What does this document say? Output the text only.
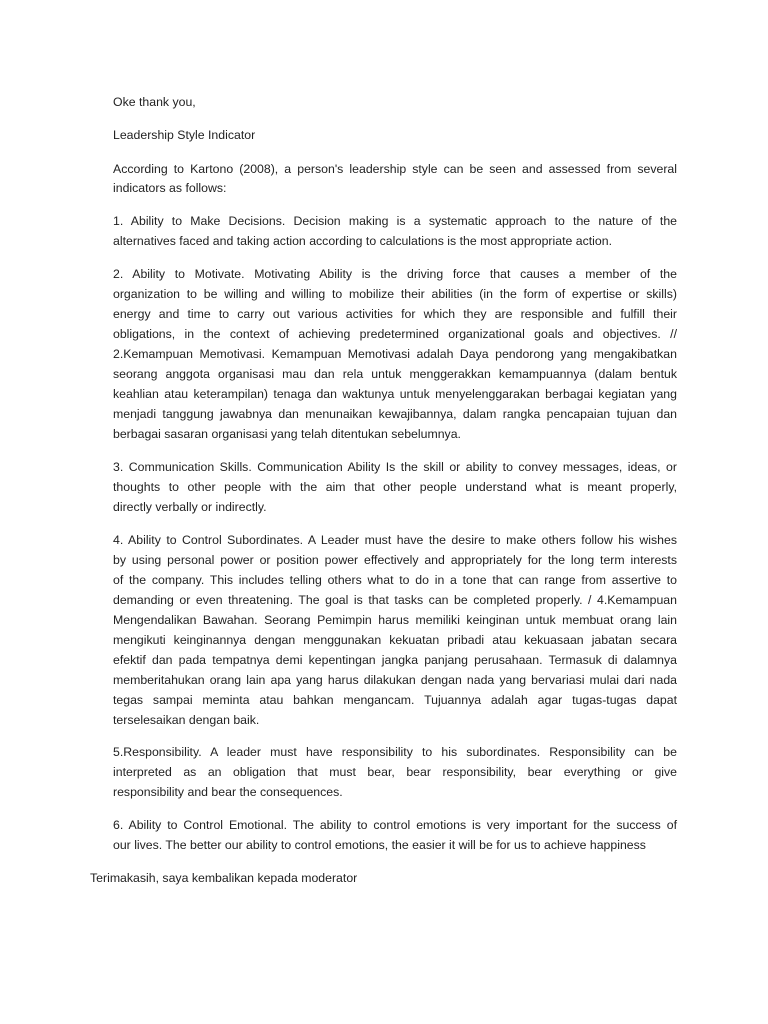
Oke thank you,
Leadership Style Indicator
According to Kartono (2008), a person's leadership style can be seen and assessed from several
indicators as follows:
1. Ability to Make Decisions. Decision making is a systematic approach to the nature of the
alternatives faced and taking action according to calculations is the most appropriate action.
2. Ability to Motivate. Motivating Ability is the driving force that causes a member of the
organization to be willing and willing to mobilize their abilities (in the form of expertise or skills)
energy and time to carry out various activities for which they are responsible and fulfill their
obligations, in the context of achieving predetermined organizational goals and objectives. //
2.Kemampuan Memotivasi. Kemampuan Memotivasi adalah Daya pendorong yang mengakibatkan
seorang anggota organisasi mau dan rela untuk menggerakkan kemampuannya (dalam bentuk
keahlian atau keterampilan) tenaga dan waktunya untuk menyelenggarakan berbagai kegiatan yang
menjadi tanggung jawabnya dan menunaikan kewajibannya, dalam rangka pencapaian tujuan dan
berbagai sasaran organisasi yang telah ditentukan sebelumnya.
3. Communication Skills. Communication Ability Is the skill or ability to convey messages, ideas, or
thoughts to other people with the aim that other people understand what is meant properly,
directly verbally or indirectly.
4. Ability to Control Subordinates. A Leader must have the desire to make others follow his wishes
by using personal power or position power effectively and appropriately for the long term interests
of the company. This includes telling others what to do in a tone that can range from assertive to
demanding or even threatening. The goal is that tasks can be completed properly. / 4.Kemampuan
Mengendalikan Bawahan. Seorang Pemimpin harus memiliki keinginan untuk membuat orang lain
mengikuti keinginannya dengan menggunakan kekuatan pribadi atau kekuasaan jabatan secara
efektif dan pada tempatnya demi kepentingan jangka panjang perusahaan. Termasuk di dalamnya
memberitahukan orang lain apa yang harus dilakukan dengan nada yang bervariasi mulai dari nada
tegas sampai meminta atau bahkan mengancam. Tujuannya adalah agar tugas-tugas dapat
terselesaikan dengan baik.
5.Responsibility. A leader must have responsibility to his subordinates. Responsibility can be
interpreted as an obligation that must bear, bear responsibility, bear everything or give
responsibility and bear the consequences.
6. Ability to Control Emotional. The ability to control emotions is very important for the success of
our lives. The better our ability to control emotions, the easier it will be for us to achieve happiness
Terimakasih, saya kembalikan kepada moderator
